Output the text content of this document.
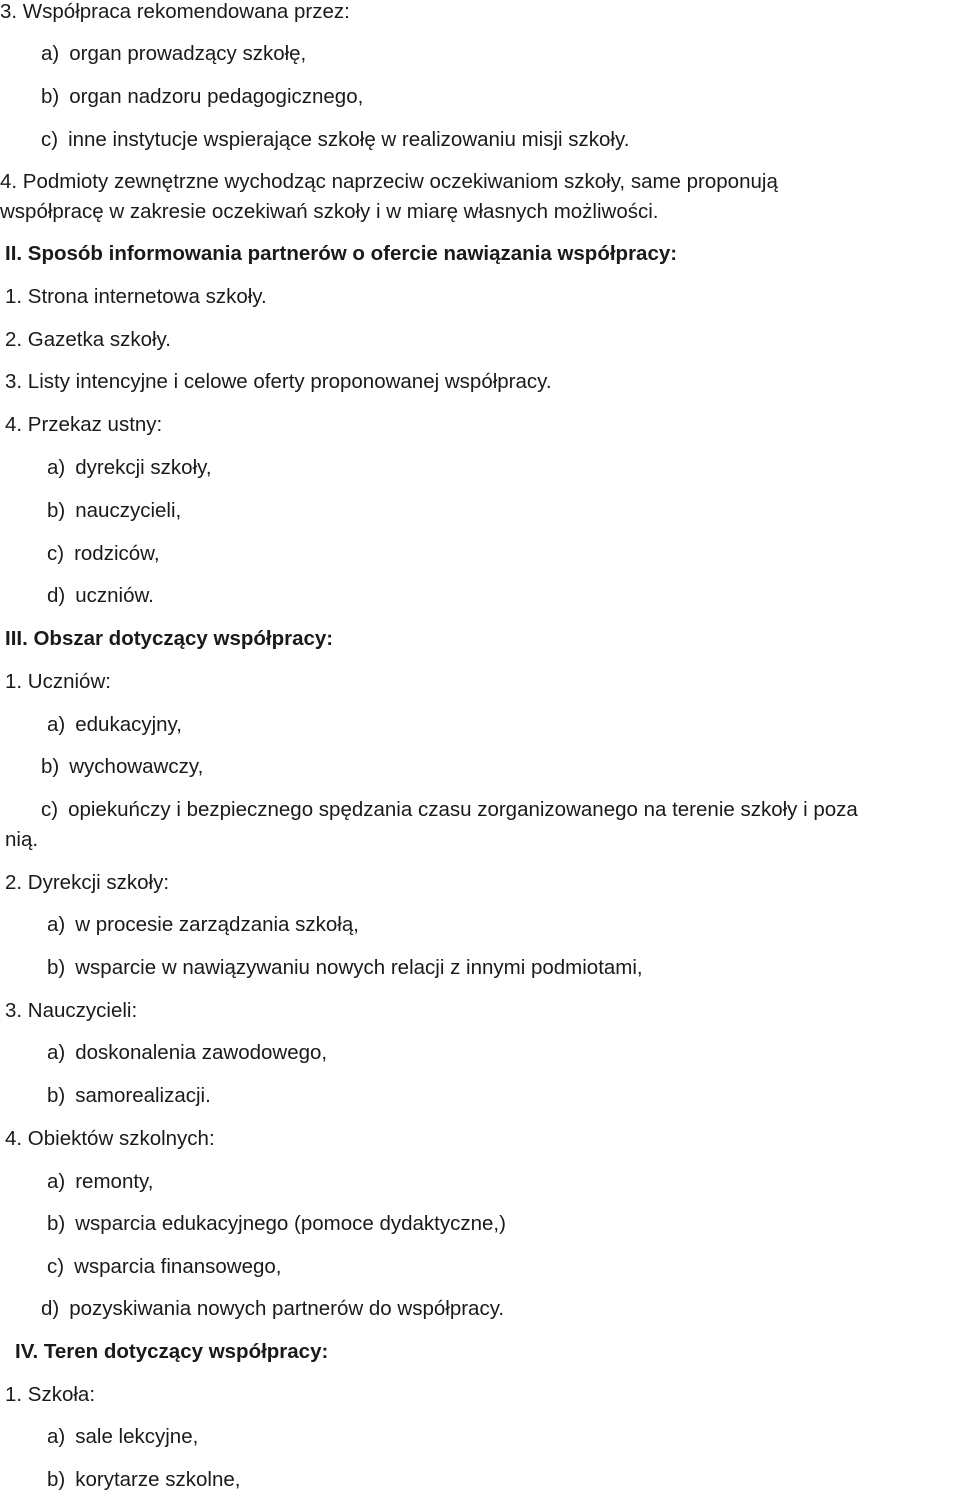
3. Współpraca rekomendowana przez:
a) organ prowadzący szkołę,
b) organ nadzoru pedagogicznego,
c) inne instytucje wspierające szkołę w realizowaniu misji szkoły.
4. Podmioty zewnętrzne wychodząc naprzeciw oczekiwaniom szkoły, same proponują
współpracę w zakresie oczekiwań szkoły i w miarę własnych możliwości.
II. Sposób informowania partnerów o ofercie nawiązania współpracy:
1. Strona internetowa szkoły.
2. Gazetka szkoły.
3. Listy intencyjne i celowe oferty proponowanej współpracy.
4. Przekaz ustny:
a) dyrekcji szkoły,
b) nauczycieli,
c) rodziców,
d) uczniów.
III. Obszar dotyczący współpracy:
1. Uczniów:
a) edukacyjny,
b) wychowawczy,
c) opiekuńczy i bezpiecznego spędzania czasu zorganizowanego na terenie szkoły i poza
nią.
2. Dyrekcji szkoły:
a) w procesie zarządzania szkołą,
b) wsparcie w nawiązywaniu nowych relacji z innymi podmiotami,
3. Nauczycieli:
a) doskonalenia zawodowego,
b) samorealizacji.
4. Obiektów szkolnych:
a) remonty,
b) wsparcia edukacyjnego (pomoce dydaktyczne,)
c) wsparcia finansowego,
d) pozyskiwania nowych partnerów do współpracy.
IV. Teren dotyczący współpracy:
1. Szkoła:
a) sale lekcyjne,
b) korytarze szkolne,
